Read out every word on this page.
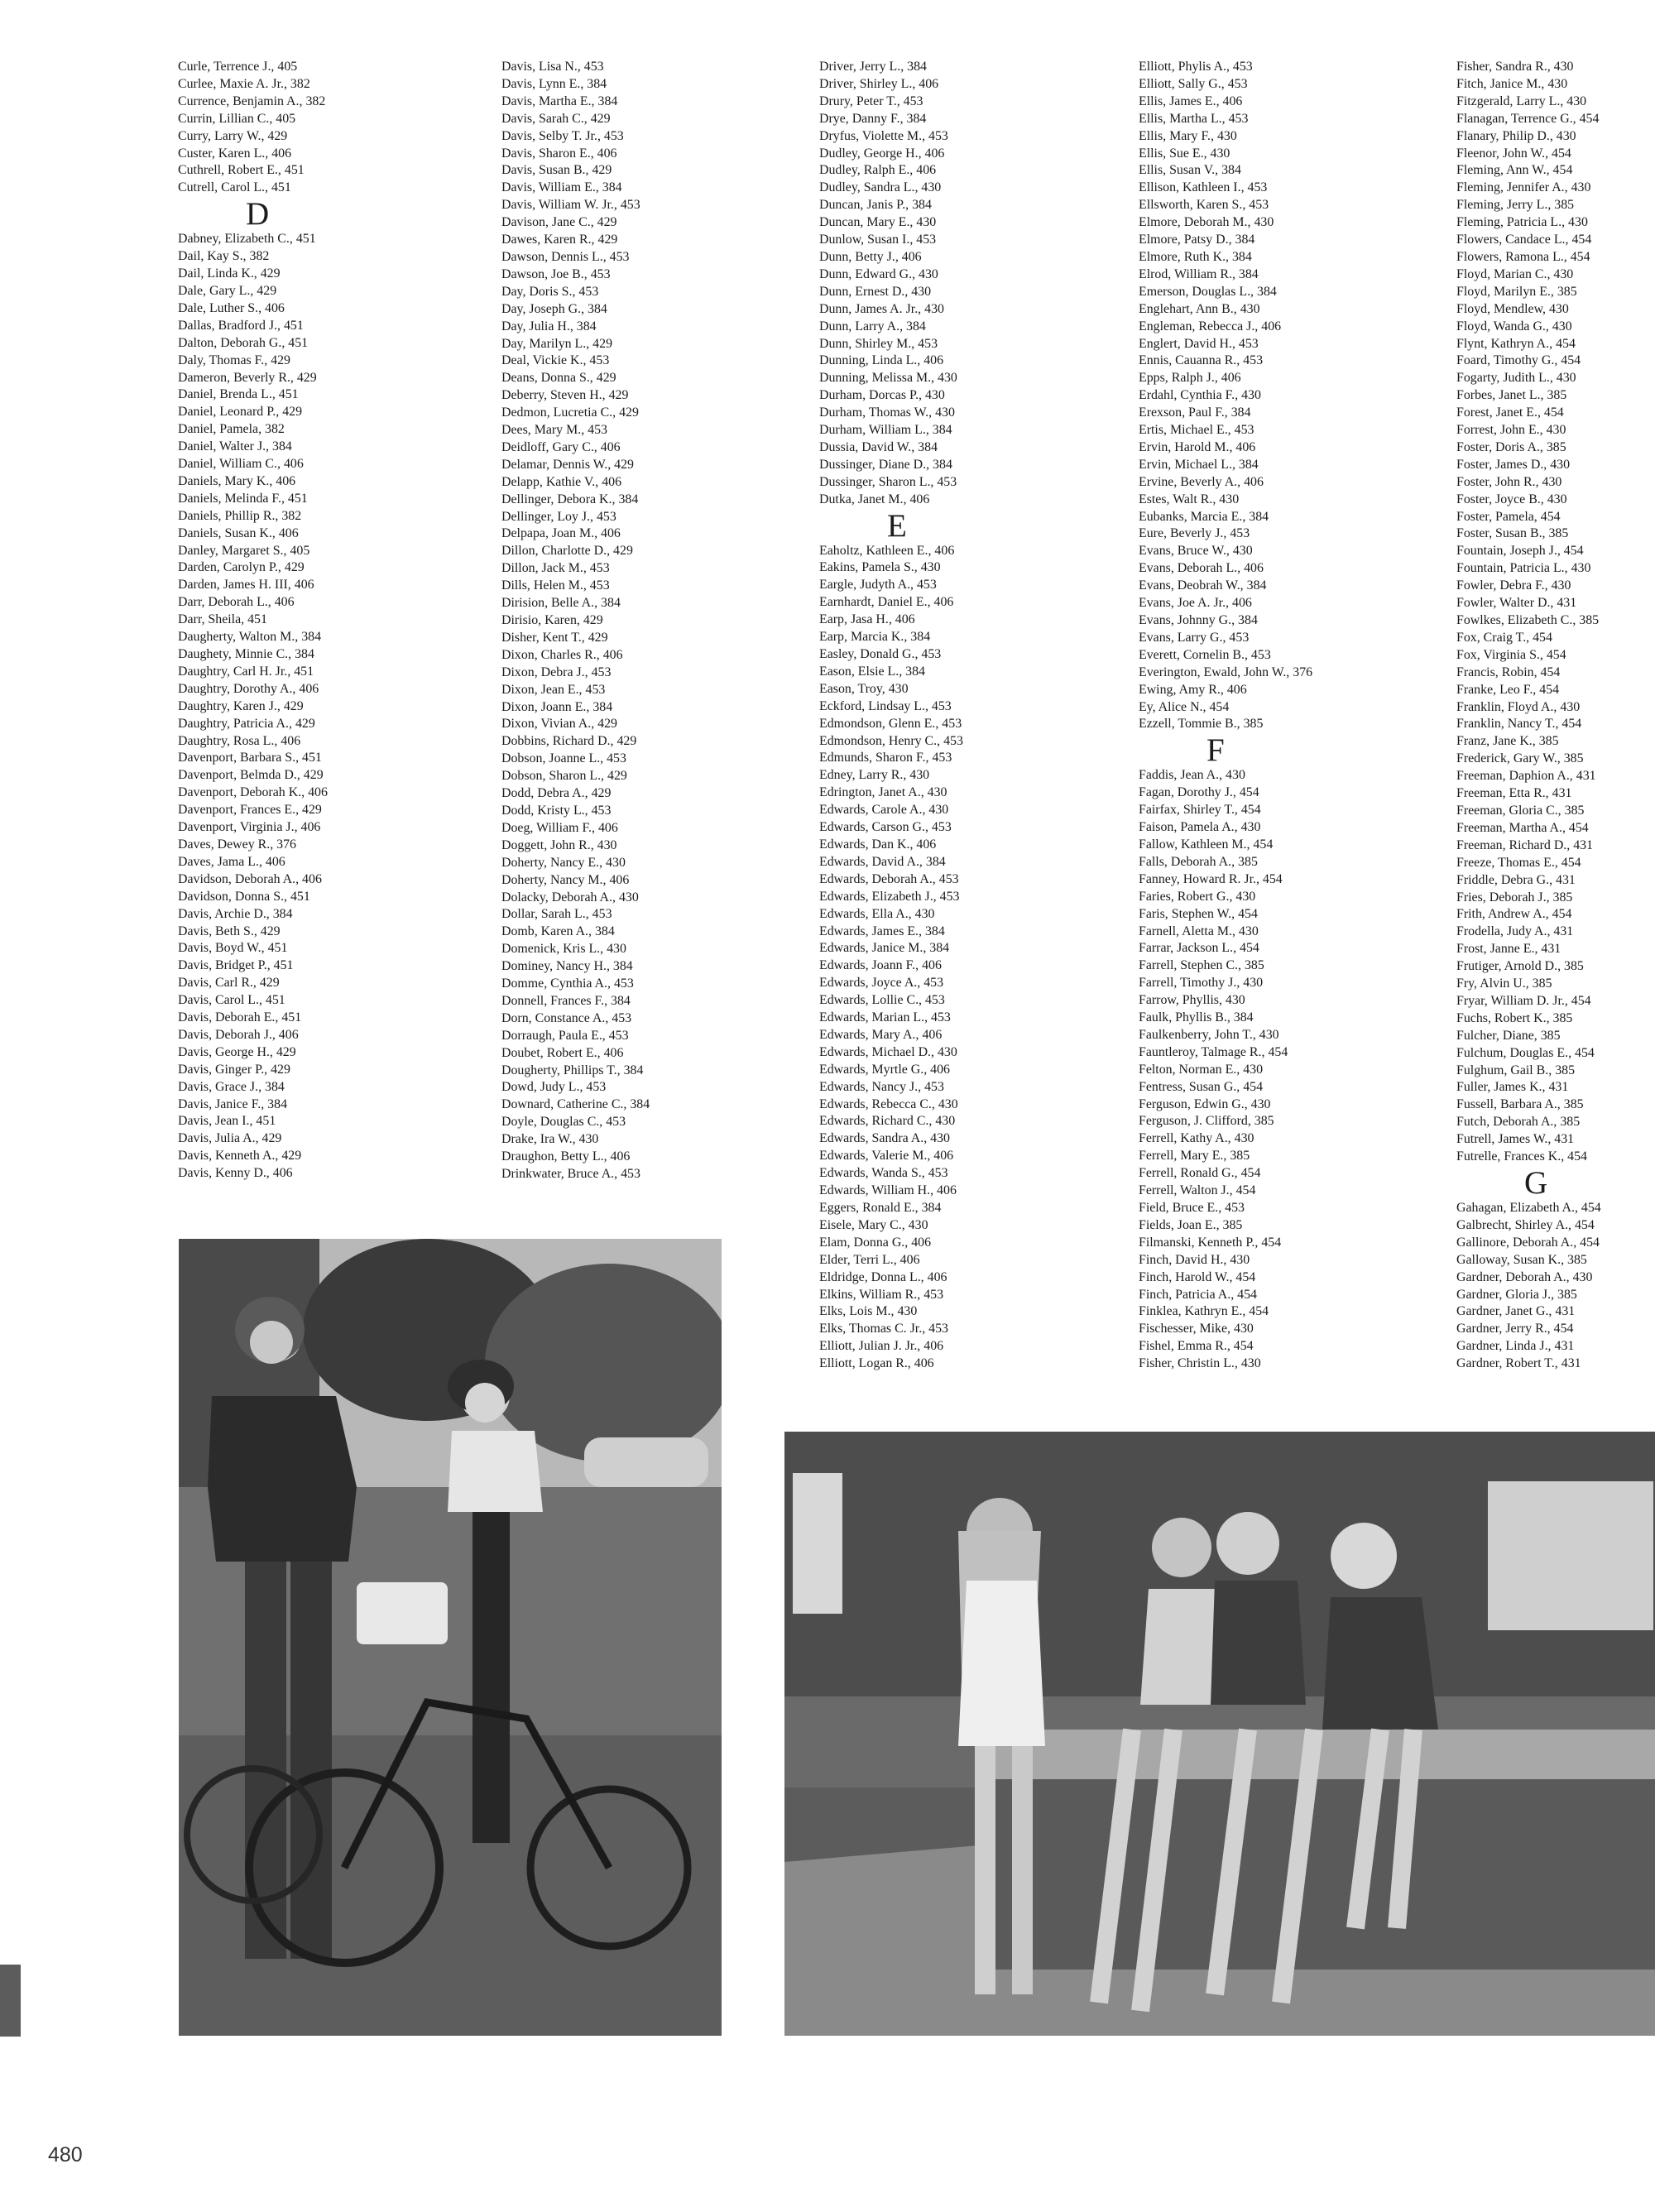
Curle, Terrence J., 405
Curlee, Maxie A. Jr., 382
Currence, Benjamin A., 382
Currin, Lillian C., 405
Curry, Larry W., 429
Custer, Karen L., 406
Cuthrell, Robert E., 451
Cutrell, Carol L., 451
D
Dabney, Elizabeth C., 451
Dail, Kay S., 382
Dail, Linda K., 429
Dale, Gary L., 429
Dale, Luther S., 406
Dallas, Bradford J., 451
Dalton, Deborah G., 451
Daly, Thomas F., 429
Dameron, Beverly R., 429
Daniel, Brenda L., 451
Daniel, Leonard P., 429
Daniel, Pamela, 382
Daniel, Walter J., 384
Daniel, William C., 406
Daniels, Mary K., 406
Daniels, Melinda F., 451
Daniels, Phillip R., 382
Daniels, Susan K., 406
Danley, Margaret S., 405
Darden, Carolyn P., 429
Darden, James H. III, 406
Darr, Deborah L., 406
Darr, Sheila, 451
Daugherty, Walton M., 384
Daughety, Minnie C., 384
Daughtry, Carl H. Jr., 451
Daughtry, Dorothy A., 406
Daughtry, Karen J., 429
Daughtry, Patricia A., 429
Daughtry, Rosa L., 406
Davenport, Barbara S., 451
Davenport, Belmda D., 429
Davenport, Deborah K., 406
Davenport, Frances E., 429
Davenport, Virginia J., 406
Daves, Dewey R., 376
Daves, Jama L., 406
Davidson, Deborah A., 406
Davidson, Donna S., 451
Davis, Archie D., 384
Davis, Beth S., 429
Davis, Boyd W., 451
Davis, Bridget P., 451
Davis, Carl R., 429
Davis, Carol L., 451
Davis, Deborah E., 451
Davis, Deborah J., 406
Davis, George H., 429
Davis, Ginger P., 429
Davis, Grace J., 384
Davis, Janice F., 384
Davis, Jean I., 451
Davis, Julia A., 429
Davis, Kenneth A., 429
Davis, Kenny D., 406
Davis, Lisa N., 453
Davis, Lynn E., 384
Davis, Martha E., 384
Davis, Sarah C., 429
Davis, Selby T. Jr., 453
Davis, Sharon E., 406
Davis, Susan B., 429
Davis, William E., 384
Davis, William W. Jr., 453
Davison, Jane C., 429
Dawes, Karen R., 429
Dawson, Dennis L., 453
Dawson, Joe B., 453
Day, Doris S., 453
Day, Joseph G., 384
Day, Julia H., 384
Day, Marilyn L., 429
Deal, Vickie K., 453
Deans, Donna S., 429
Deberry, Steven H., 429
Dedmon, Lucretia C., 429
Dees, Mary M., 453
Deidloff, Gary C., 406
Delamar, Dennis W., 429
Delapp, Kathie V., 406
Dellinger, Debora K., 384
Dellinger, Loy J., 453
Delpapa, Joan M., 406
Dillon, Charlotte D., 429
Dillon, Jack M., 453
Dills, Helen M., 453
Dirision, Belle A., 384
Dirisio, Karen, 429
Disher, Kent T., 429
Dixon, Charles R., 406
Dixon, Debra J., 453
Dixon, Jean E., 453
Dixon, Joann E., 384
Dixon, Vivian A., 429
Dobbins, Richard D., 429
Dobson, Joanne L., 453
Dobson, Sharon L., 429
Dodd, Debra A., 429
Dodd, Kristy L., 453
Doeg, William F., 406
Doggett, John R., 430
Doherty, Nancy E., 430
Doherty, Nancy M., 406
Dolacky, Deborah A., 430
Dollar, Sarah L., 453
Domb, Karen A., 384
Domenick, Kris L., 430
Dominey, Nancy H., 384
Domme, Cynthia A., 453
Donnell, Frances F., 384
Dorn, Constance A., 453
Dorraugh, Paula E., 453
Doubet, Robert E., 406
Dougherty, Phillips T., 384
Dowd, Judy L., 453
Downard, Catherine C., 384
Doyle, Douglas C., 453
Drake, Ira W., 430
Draughon, Betty L., 406
Drinkwater, Bruce A., 453
Driver, Jerry L., 384
Driver, Shirley L., 406
Drury, Peter T., 453
Drye, Danny F., 384
Dryfus, Violette M., 453
Dudley, George H., 406
Dudley, Ralph E., 406
Dudley, Sandra L., 430
Duncan, Janis P., 384
Duncan, Mary E., 430
Dunlow, Susan I., 453
Dunn, Betty J., 406
Dunn, Edward G., 430
Dunn, Ernest D., 430
Dunn, James A. Jr., 430
Dunn, Larry A., 384
Dunn, Shirley M., 453
Dunning, Linda L., 406
Dunning, Melissa M., 430
Durham, Dorcas P., 430
Durham, Thomas W., 430
Durham, William L., 384
Dussia, David W., 384
Dussinger, Diane D., 384
Dussinger, Sharon L., 453
Dutka, Janet M., 406
E
Eaholtz, Kathleen E., 406
Eakins, Pamela S., 430
Eargle, Judyth A., 453
Earnhardt, Daniel E., 406
Earp, Jasa H., 406
Earp, Marcia K., 384
Easley, Donald G., 453
Eason, Elsie L., 384
Eason, Troy, 430
Eckford, Lindsay L., 453
Edmondson, Glenn E., 453
Edmondson, Henry C., 453
Edmunds, Sharon F., 453
Edney, Larry R., 430
Edrington, Janet A., 430
Edwards, Carole A., 430
Edwards, Carson G., 453
Edwards, Dan K., 406
Edwards, David A., 384
Edwards, Deborah A., 453
Edwards, Elizabeth J., 453
Edwards, Ella A., 430
Edwards, James E., 384
Edwards, Janice M., 384
Edwards, Joann F., 406
Edwards, Joyce A., 453
Edwards, Lollie C., 453
Edwards, Marian L., 453
Edwards, Mary A., 406
Edwards, Michael D., 430
Edwards, Myrtle G., 406
Edwards, Nancy J., 453
Edwards, Rebecca C., 430
Edwards, Richard C., 430
Edwards, Sandra A., 430
Edwards, Valerie M., 406
Edwards, Wanda S., 453
Edwards, William H., 406
Eggers, Ronald E., 384
Eisele, Mary C., 430
Elam, Donna G., 406
Elder, Terri L., 406
Eldridge, Donna L., 406
Elkins, William R., 453
Elks, Lois M., 430
Elks, Thomas C. Jr., 453
Elliott, Julian J. Jr., 406
Elliott, Logan R., 406
Elliott, Phylis A., 453
Elliott, Sally G., 453
Ellis, James E., 406
Ellis, Martha L., 453
Ellis, Mary F., 430
Ellis, Sue E., 430
Ellis, Susan V., 384
Ellison, Kathleen I., 453
Ellsworth, Karen S., 453
Elmore, Deborah M., 430
Elmore, Patsy D., 384
Elmore, Ruth K., 384
Elrod, William R., 384
Emerson, Douglas L., 384
Englehart, Ann B., 430
Engleman, Rebecca J., 406
Englert, David H., 453
Ennis, Cauanna R., 453
Epps, Ralph J., 406
Erdahl, Cynthia F., 430
Erexson, Paul F., 384
Ertis, Michael E., 453
Ervin, Harold M., 406
Ervin, Michael L., 384
Ervine, Beverly A., 406
Estes, Walt R., 430
Eubanks, Marcia E., 384
Eure, Beverly J., 453
Evans, Bruce W., 430
Evans, Deborah L., 406
Evans, Deobrah W., 384
Evans, Joe A. Jr., 406
Evans, Johnny G., 384
Evans, Larry G., 453
Everett, Cornelin B., 453
Everington, Ewald, John W., 376
Ewing, Amy R., 406
Ey, Alice N., 454
Ezzell, Tommie B., 385
F
Faddis, Jean A., 430
Fagan, Dorothy J., 454
Fairfax, Shirley T., 454
Faison, Pamela A., 430
Fallow, Kathleen M., 454
Falls, Deborah A., 385
Fanney, Howard R. Jr., 454
Faries, Robert G., 430
Faris, Stephen W., 454
Farnell, Aletta M., 430
Farrar, Jackson L., 454
Farrell, Stephen C., 385
Farrell, Timothy J., 430
Farrow, Phyllis, 430
Faulk, Phyllis B., 384
Faulkenberry, John T., 430
Fauntleroy, Talmage R., 454
Felton, Norman E., 430
Fentress, Susan G., 454
Ferguson, Edwin G., 430
Ferguson, J. Clifford, 385
Ferrell, Kathy A., 430
Ferrell, Mary E., 385
Ferrell, Ronald G., 454
Ferrell, Walton J., 454
Field, Bruce E., 453
Fields, Joan E., 385
Filmanski, Kenneth P., 454
Finch, David H., 430
Finch, Harold W., 454
Finch, Patricia A., 454
Finklea, Kathryn E., 454
Fischesser, Mike, 430
Fishel, Emma R., 454
Fisher, Christin L., 430
Fisher, Sandra R., 430
Fitch, Janice M., 430
Fitzgerald, Larry L., 430
Flanagan, Terrence G., 454
Flanary, Philip D., 430
Fleenor, John W., 454
Fleming, Ann W., 454
Fleming, Jennifer A., 430
Fleming, Jerry L., 385
Fleming, Patricia L., 430
Flowers, Candace L., 454
Flowers, Ramona L., 454
Floyd, Marian C., 430
Floyd, Marilyn E., 385
Floyd, Mendlew, 430
Floyd, Wanda G., 430
Flynt, Kathryn A., 454
Foard, Timothy G., 454
Fogarty, Judith L., 430
Forbes, Janet L., 385
Forest, Janet E., 454
Forrest, John E., 430
Foster, Doris A., 385
Foster, James D., 430
Foster, John R., 430
Foster, Joyce B., 430
Foster, Pamela, 454
Foster, Susan B., 385
Fountain, Joseph J., 454
Fountain, Patricia L., 430
Fowler, Debra F., 430
Fowler, Walter D., 431
Fowlkes, Elizabeth C., 385
Fox, Craig T., 454
Fox, Virginia S., 454
Francis, Robin, 454
Franke, Leo F., 454
Franklin, Floyd A., 430
Franklin, Nancy T., 454
Franz, Jane K., 385
Frederick, Gary W., 385
Freeman, Daphion A., 431
Freeman, Etta R., 431
Freeman, Gloria C., 385
Freeman, Martha A., 454
Freeman, Richard D., 431
Freeze, Thomas E., 454
Friddle, Debra G., 431
Fries, Deborah J., 385
Frith, Andrew A., 454
Frodella, Judy A., 431
Frost, Janne E., 431
Frutiger, Arnold D., 385
Fry, Alvin U., 385
Fryar, William D. Jr., 454
Fuchs, Robert K., 385
Fulcher, Diane, 385
Fulchum, Douglas E., 454
Fulghum, Gail B., 385
Fuller, James K., 431
Fussell, Barbara A., 385
Futch, Deborah A., 385
Futrell, James W., 431
Futrelle, Frances K., 454
G
Gahagan, Elizabeth A., 454
Galbrecht, Shirley A., 454
Gallinore, Deborah A., 454
Galloway, Susan K., 385
Gardner, Deborah A., 430
Gardner, Gloria J., 385
Gardner, Janet G., 431
Gardner, Jerry R., 454
Gardner, Linda J., 431
Gardner, Robert T., 431
480
